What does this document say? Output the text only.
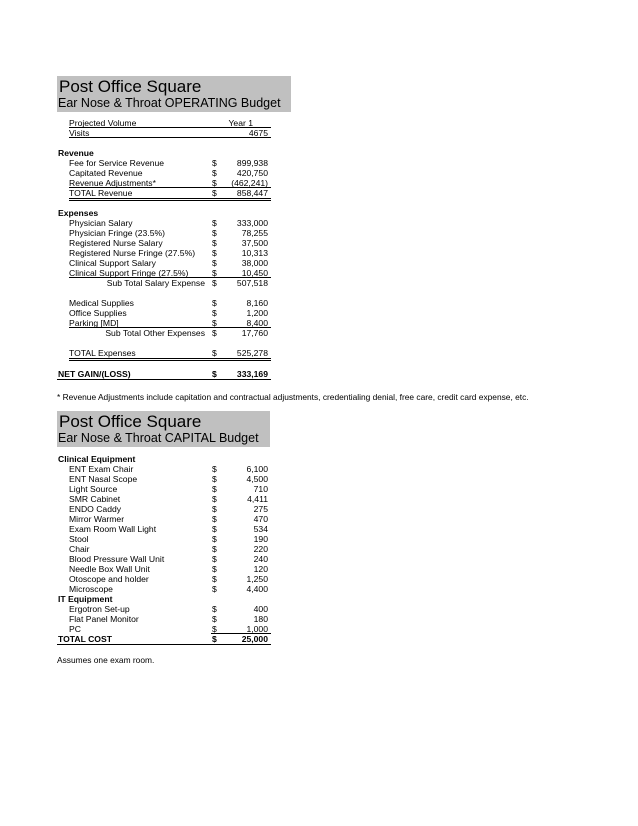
Post Office Square
Ear Nose & Throat OPERATING Budget
Projected Volume	Year 1
Visits	4675
Revenue
Fee for Service Revenue	$ 899,938
Capitated Revenue	$ 420,750
Revenue Adjustments*	$ (462,241)
TOTAL Revenue	$ 858,447
Expenses
Physician Salary	$ 333,000
Physician Fringe (23.5%)	$	78,255
Registered Nurse Salary	$	37,500
Registered Nurse Fringe (27.5%) $	10,313
Clinical Support Salary	$	38,000
Clinical Support Fringe (27.5%)	$	10,450
Sub Total Salary Expense $ 507,518
Medical Supplies	$	8,160
Office Supplies	$	1,200
Parking [MD]	$	8,400
Sub Total Other Expenses $	17,760
TOTAL Expenses	$ 525,278
NET GAIN/(LOSS)	$ 333,169
* Revenue Adjustments include capitation and contractual adjustments, credentialing denial, free care, credit card expense, etc.
Post Office Square
Ear Nose & Throat CAPITAL Budget
Clinical Equipment
ENT Exam Chair	$	6,100
ENT Nasal Scope	$	4,500
Light Source	$	710
SMR Cabinet	$	4,411
ENDO Caddy	$	275
Mirror Warmer	$	470
Exam Room Wall Light	$	534
Stool	$	190
Chair	$	220
Blood Pressure Wall Unit	$	240
Needle Box Wall Unit	$	120
Otoscope and holder	$	1,250
Microscope	$	4,400
IT Equipment
Ergotron Set-up	$	400
Flat Panel Monitor	$	180
PC	$	1,000
TOTAL COST	$	25,000
Assumes one exam room.
